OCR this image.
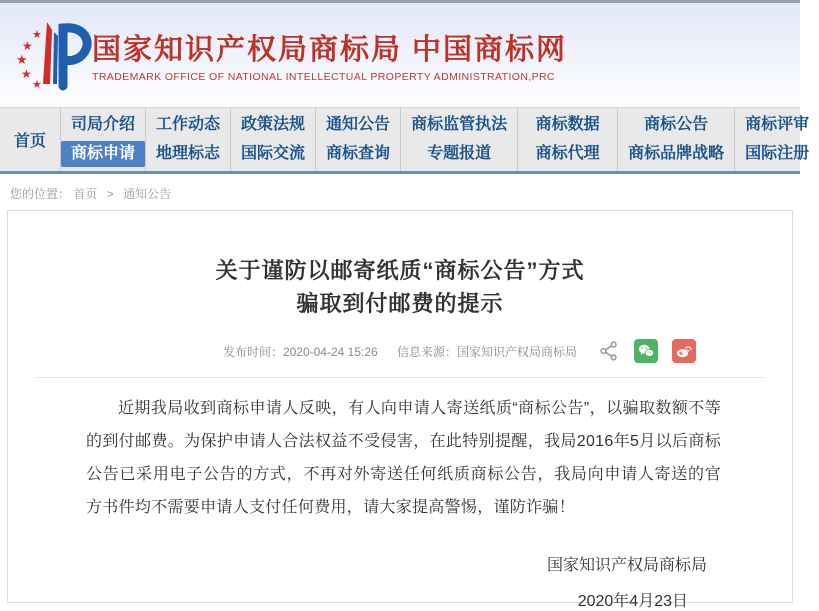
★
★
★
★
★
国家知识产权局商标局 中国商标网
TRADEMARK OFFICE OF NATIONAL INTELLECTUAL PROPERTY ADMINISTRATION,PRC
首页
司局介绍
商标申请
工作动态
地理标志
政策法规
国际交流
通知公告
商标查询
商标监管执法
专题报道
商标数据
商标代理
商标公告
商标品牌战略
商标评审
国际注册
您的位置： 首页 > 通知公告
关于谨防以邮寄纸质“商标公告”方式
骗取到付邮费的提示
发布时间：2020-04-24 15:26 信息来源：国家知识产权局商标局

近期我局收到商标申请人反映，有人向申请人寄送纸质“商标公告”，以骗取数额不等的到付邮费。为保护申请人合法权益不受侵害，在此特别提醒，我局2016年5月以后商标公告已采用电子公告的方式，不再对外寄送任何纸质商标公告，我局向申请人寄送的官方书件均不需要申请人支付任何费用，请大家提高警惕，谨防诈骗！

国家知识产权局商标局
2020年4月23日
